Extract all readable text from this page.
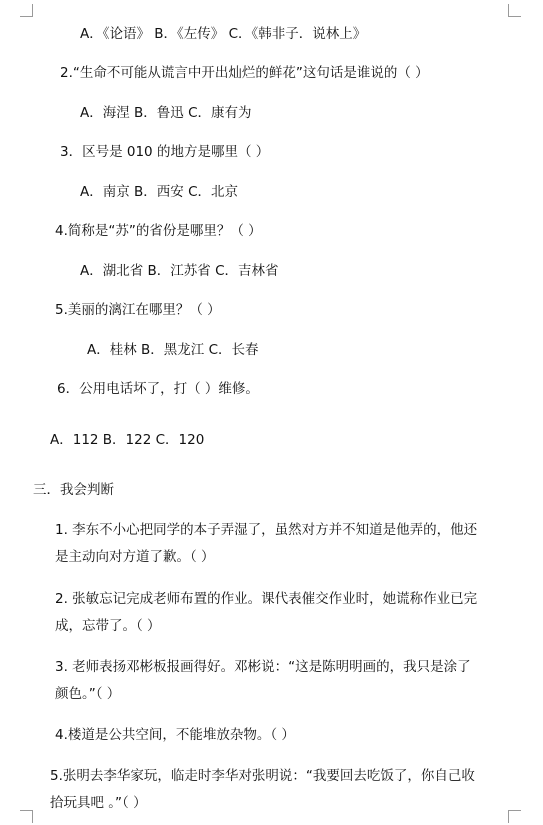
A．《论语》 B．《左传》 C．《韩非子．说林上》
2.“生命不可能从谎言中开出灿烂的鲜花”这句话是谁说的（ ）
A．海涅 B．鲁迅 C．康有为
3．区号是 010 的地方是哪里（ ）
A．南京 B．西安 C．北京
4.简称是“苏”的省份是哪里？（ ）
A．湖北省 B．江苏省 C．吉林省
5.美丽的漓江在哪里？（ ）
A．桂林 B．黑龙江 C．长春
6．公用电话坏了，打（ ）维修。
A．112 B．122 C．120
三．我会判断
1. 李东不小心把同学的本子弄湿了，虽然对方并不知道是他弄的，他还
是主动向对方道了歉。（ ）
2. 张敏忘记完成老师布置的作业。课代表催交作业时，她谎称作业已完
成，忘带了。（ ）
3. 老师表扬邓彬板报画得好。邓彬说：“这是陈明明画的，我只是涂了
颜色。”（ ）
4.楼道是公共空间，不能堆放杂物。（ ）
5.张明去李华家玩，临走时李华对张明说：“我要回去吃饭了，你自己收
拾玩具吧 。”（ ）
